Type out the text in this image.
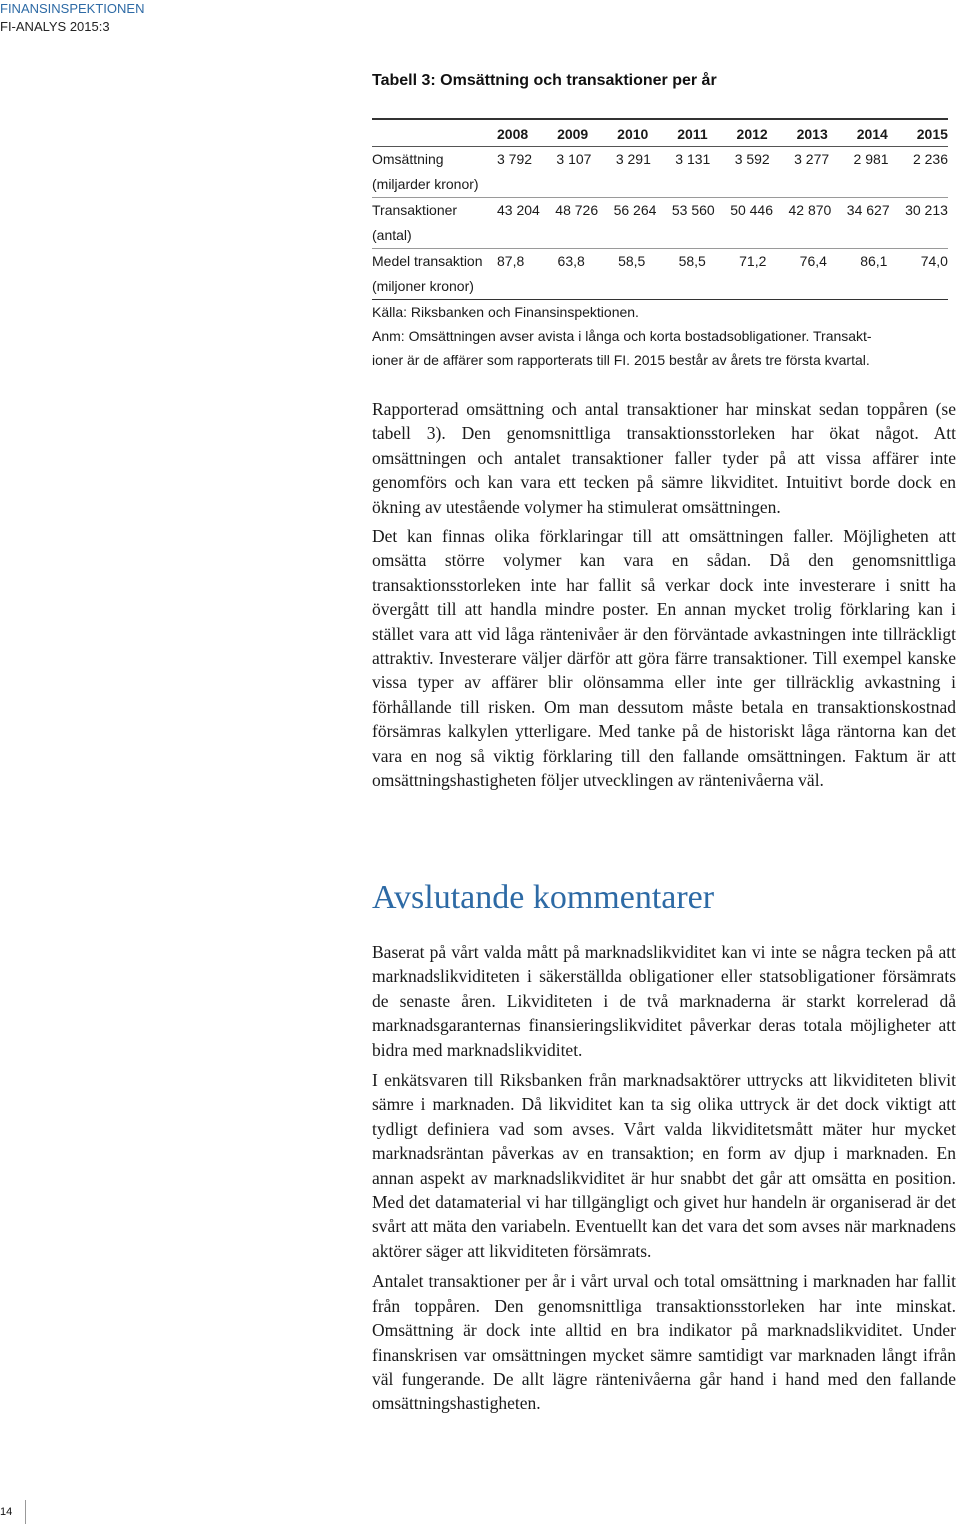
FINANSINSPEKTIONEN
FI-ANALYS 2015:3
Tabell 3: Omsättning och transaktioner per år
2008 2009 2010 2011 2012 2013 2014 2015
Omsättning	3 792 3 107 3 291 3 131 3 592 3 277 2 981 2 236
(miljarder kronor)
Transaktioner	43 204 48 726 56 264 53 560 50 446 42 870 34 627 30 213
(antal)
Medel transaktion 87,8 63,8 58,5 58,5 71,2 76,4 86,1 74,0
(miljoner kronor)
Källa: Riksbanken och Finansinspektionen.
Anm: Omsättningen avser avista i långa och korta bostadsobligationer. Transakt-
ioner är de affärer som rapporterats till FI. 2015 består av årets tre första kvartal.

Rapporterad omsättning och antal transaktioner har minskat sedan toppåren (se tabell 3). Den genomsnittliga transaktionsstorleken har ökat något. Att omsättningen och antalet transaktioner faller tyder på att vissa affärer inte genomförs och kan vara ett tecken på sämre likviditet. Intuitivt borde dock en ökning av utestående volymer ha stimulerat omsättningen.

Det kan finnas olika förklaringar till att omsättningen faller. Möjligheten att omsätta större volymer kan vara en sådan. Då den genomsnittliga transaktionsstorleken inte har fallit så verkar dock inte investerare i snitt ha övergått till att handla mindre poster. En annan mycket trolig förklaring kan i stället vara att vid låga räntenivåer är den förväntade avkastningen inte tillräckligt attraktiv. Investerare väljer därför att göra färre transaktioner. Till exempel kanske vissa typer av affärer blir olönsamma eller inte ger tillräcklig avkastning i förhållande till risken. Om man dessutom måste betala en transaktionskostnad försämras kalkylen ytterligare. Med tanke på de historiskt låga räntorna kan det vara en nog så viktig förklaring till den fallande omsättningen. Faktum är att omsättningshastigheten följer utvecklingen av räntenivåerna väl.

Avslutande kommentarer

Baserat på vårt valda mått på marknadslikviditet kan vi inte se några tecken på att marknadslikviditeten i säkerställda obligationer eller statsobligationer försämrats de senaste åren. Likviditeten i de två marknaderna är starkt korrelerad då marknadsgaranternas finansieringslikviditet påverkar deras totala möjligheter att bidra med marknadslikviditet.

I enkätsvaren till Riksbanken från marknadsaktörer uttrycks att likviditeten blivit sämre i marknaden. Då likviditet kan ta sig olika uttryck är det dock viktigt att tydligt definiera vad som avses. Vårt valda likviditetsmått mäter hur mycket marknadsräntan påverkas av en transaktion; en form av djup i marknaden. En annan aspekt av marknadslikviditet är hur snabbt det går att omsätta en position. Med det datamaterial vi har tillgängligt och givet hur handeln är organiserad är det svårt att mäta den variabeln. Eventuellt kan det vara det som avses när marknadens aktörer säger att likviditeten försämrats.

Antalet transaktioner per år i vårt urval och total omsättning i marknaden har fallit från toppåren. Den genomsnittliga transaktionsstorleken har inte minskat. Omsättning är dock inte alltid en bra indikator på marknadslikviditet. Under finanskrisen var omsättningen mycket sämre samtidigt var marknaden långt ifrån väl fungerande. De allt lägre räntenivåerna går hand i hand med den fallande omsättningshastigheten.

14
